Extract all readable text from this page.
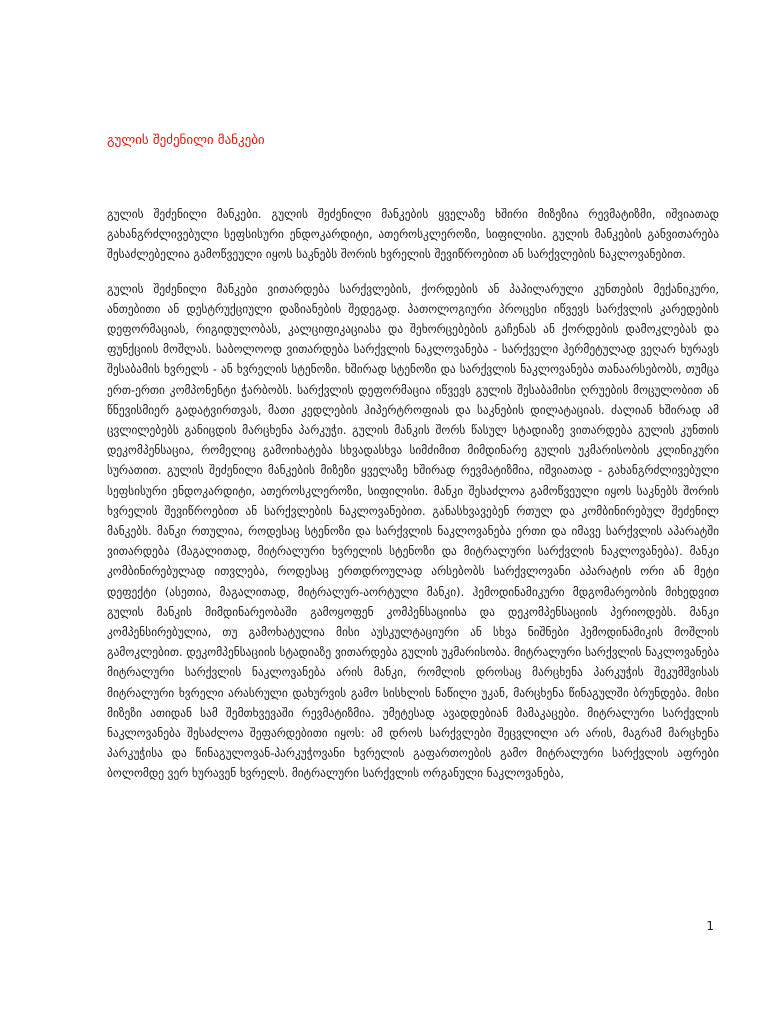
გულის შეძენილი მანკები

გულის შეძენილი მანკები. გულის შეძენილი მანკების ყველაზე ხშირი მიზეზია რევმატიზმი, იშვიათად გახანგრძლივებული სეფსისური ენდოკარდიტი, ათეროსკლეროზი, სიფილისი. გულის მანკების განვითარება შესაძლებელია გამოწვეული იყოს საკნებს შორის ხვრელის შევიწროებით ან სარქვლების ნაკლოვანებით.

გულის შეძენილი მანკები ვითარდება სარქვლების, ქორდების ან პაპილარული კუნთების მექანიკური, ანთებითი ან დესტრუქციული დაზიანების შედეგად. პათოლოგიური პროცესი იწვევს სარქვლის კარედების დეფორმაციას, რიგიდულობას, კალციფიკაციასა და შეხორცებების გაჩენას ან ქორდების დამოკლებას და ფუნქციის მოშლას. საბოლოოდ ვითარდება სარქვლის ნაკლოვანება - სარქველი ჰერმეტულად ვეღარ ხურავს შესაბამის ხვრელს - ან ხვრელის სტენოზი. ხშირად სტენოზი და სარქვლის ნაკლოვანება თანაარსებობს, თუმცა ერთ-ერთი კომპონენტი ჭარბობს. სარქვლის დეფორმაცია იწვევს გულის შესაბამისი ღრუების მოცულობით ან წნევისმიერ გადატვირთვას, მათი კედლების ჰიპერტროფიას და საკნების დილატაციას. ძალიან ხშირად ამ ცვლილებებს განიცდის მარცხენა პარკუჭი. გულის მანკის შორს წასულ სტადიაზე ვითარდება გულის კუნთის დეკომპენსაცია, რომელიც გამოიხატება სხვადასხვა სიმძიმით მიმდინარე გულის უკმარისობის კლინიკური სურათით. გულის შეძენილი მანკების მიზეზი ყველაზე ხშირად რევმატიზმია, იშვიათად - გახანგრძლივებული სეფსისური ენდოკარდიტი, ათეროსკლეროზი, სიფილისი. მანკი შესაძლოა გამოწვეული იყოს საკნებს შორის ხვრელის შევიწროებით ან სარქვლების ნაკლოვანებით. განასხვავებენ რთულ და კომბინირებულ შეძენილ მანკებს. მანკი რთულია, როდესაც სტენოზი და სარქვლის ნაკლოვანება ერთი და იმავე სარქვლის აპარატში ვითარდება (მაგალითად, მიტრალური ხვრელის სტენოზი და მიტრალური სარქვლის ნაკლოვანება). მანკი კომბინირებულად ითვლება, როდესაც ერთდროულად არსებობს სარქვლოვანი აპარატის ორი ან მეტი დეფექტი (ასეთია, მაგალითად, მიტრალურ-აორტული მანკი). ჰემოდინამიკური მდგომარეობის მიხედვით გულის მანკის მიმდინარეობაში გამოყოფენ კომპენსაციისა და დეკომპენსაციის პერიოდებს. მანკი კომპენსირებულია, თუ გამოხატულია მისი აუსკულტაციური ან სხვა ნიშნები ჰემოდინამიკის მოშლის გამოკლებით. დეკომპენსაციის სტადიაზე ვითარდება გულის უკმარისობა. მიტრალური სარქვლის ნაკლოვანება მიტრალური სარქვლის ნაკლოვანება არის მანკი, რომლის დროსაც მარცხენა პარკუჭის შეკუმშვისას მიტრალური ხვრელი არასრული დახურვის გამო სისხლის ნაწილი უკან, მარცხენა წინაგულში ბრუნდება. მისი მიზეზი ათიდან სამ შემთხვევაში რევმატიზმია. უმეტესად ავადდებიან მამაკაცები. მიტრალური სარქვლის ნაკლოვანება შესაძლოა შეფარდებითი იყოს: ამ დროს სარქვლები შეცვლილი არ არის, მაგრამ მარცხენა პარკუჭისა და წინაგულოვან-პარკუჭოვანი ხვრელის გაფართოების გამო მიტრალური სარქვლის აფრები ბოლომდე ვერ ხურავენ ხვრელს. მიტრალური სარქვლის ორგანული ნაკლოვანება,

1
